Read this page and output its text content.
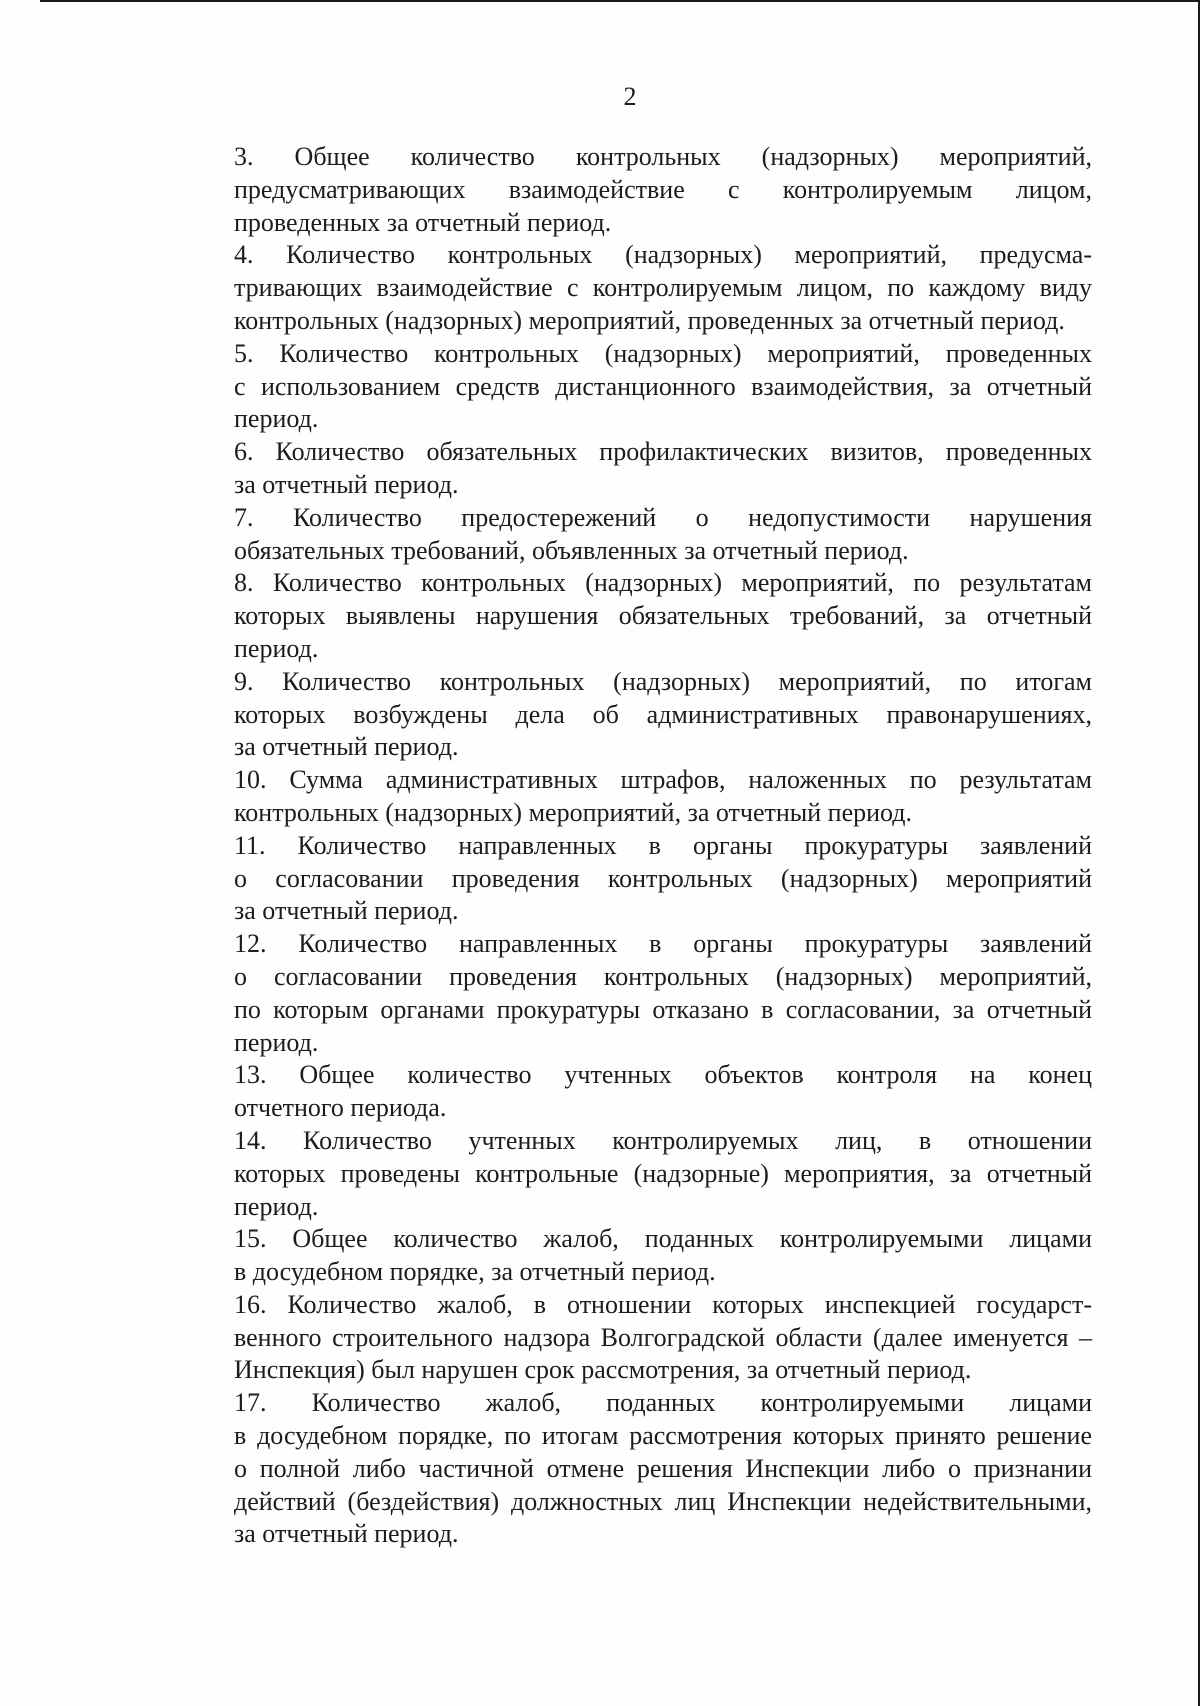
2

3. Общее количество контрольных (надзорных) мероприятий,
предусматривающих взаимодействие с контролируемым лицом,
проведенных за отчетный период.

4. Количество контрольных (надзорных) мероприятий, предусма-
тривающих взаимодействие с контролируемым лицом, по каждому виду
контрольных (надзорных) мероприятий, проведенных за отчетный период.

5. Количество контрольных (надзорных) мероприятий, проведенных
с использованием средств дистанционного взаимодействия, за отчетный
период.

6. Количество обязательных профилактических визитов, проведенных
за отчетный период.

7. Количество предостережений о недопустимости нарушения
обязательных требований, объявленных за отчетный период.

8. Количество контрольных (надзорных) мероприятий, по результатам
которых выявлены нарушения обязательных требований, за отчетный
период.

9. Количество контрольных (надзорных) мероприятий, по итогам
которых возбуждены дела об административных правонарушениях,
за отчетный период.

10. Сумма административных штрафов, наложенных по результатам
контрольных (надзорных) мероприятий, за отчетный период.

11. Количество направленных в органы прокуратуры заявлений
о согласовании проведения контрольных (надзорных) мероприятий
за отчетный период.

12. Количество направленных в органы прокуратуры заявлений
о согласовании проведения контрольных (надзорных) мероприятий,
по которым органами прокуратуры отказано в согласовании, за отчетный
период.

13. Общее количество учтенных объектов контроля на конец
отчетного периода.

14. Количество учтенных контролируемых лиц, в отношении
которых проведены контрольные (надзорные) мероприятия, за отчетный
период.

15. Общее количество жалоб, поданных контролируемыми лицами
в досудебном порядке, за отчетный период.

16. Количество жалоб, в отношении которых инспекцией государст-
венного строительного надзора Волгоградской области (далее именуется –
Инспекция) был нарушен срок рассмотрения, за отчетный период.

17. Количество жалоб, поданных контролируемыми лицами
в досудебном порядке, по итогам рассмотрения которых принято решение
о полной либо частичной отмене решения Инспекции либо о признании
действий (бездействия) должностных лиц Инспекции недействительными,
за отчетный период.
